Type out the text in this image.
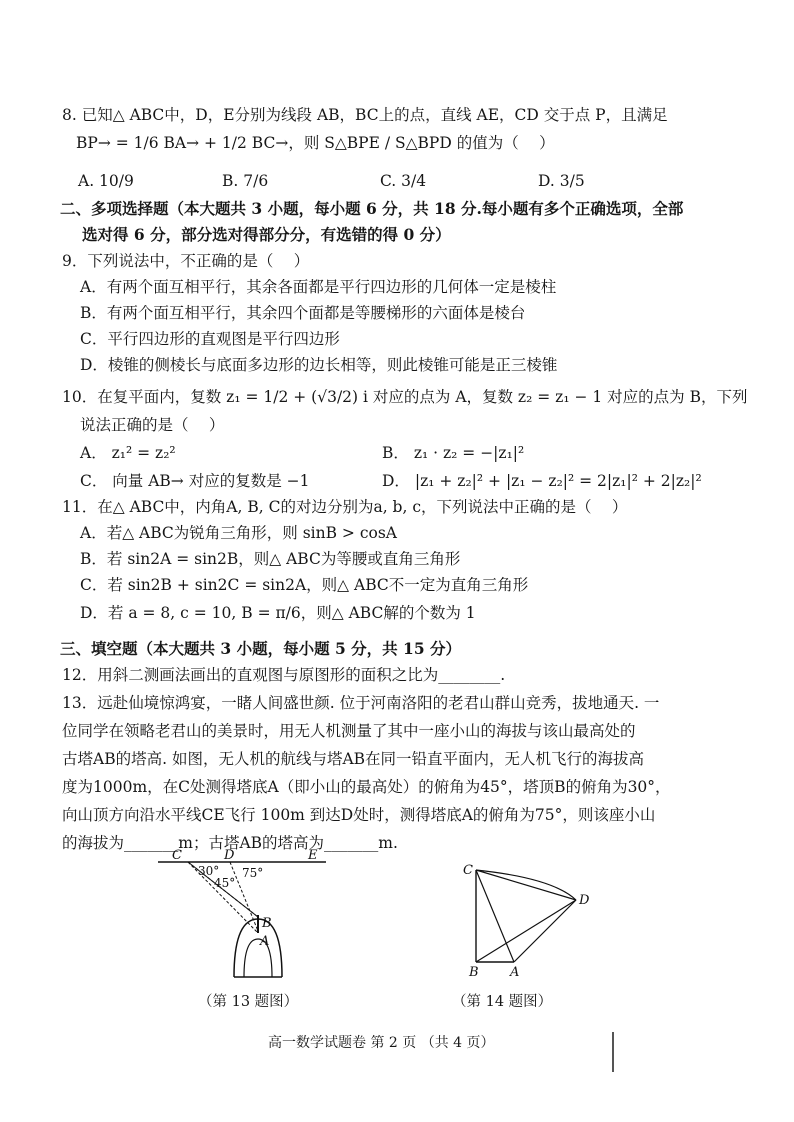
8. 已知△ ABC中，D，E分别为线段 AB，BC上的点，直线 AE，CD 交于点 P，且满足
BP→ = 1/6 BA→ + 1/2 BC→，则 S△BPE / S△BPD 的值为（　 ）
A. 10/9	B. 7/6	C. 3/4	D. 3/5
二、多项选择题（本大题共 3 小题，每小题 6 分，共 18 分.每小题有多个正确选项，全部
选对得 6 分，部分选对得部分分，有选错的得 0 分）
9．下列说法中，不正确的是（　 ）
A．有两个面互相平行，其余各面都是平行四边形的几何体一定是棱柱
B．有两个面互相平行，其余四个面都是等腰梯形的六面体是棱台
C．平行四边形的直观图是平行四边形
D．棱锥的侧棱长与底面多边形的边长相等，则此棱锥可能是正三棱锥
10．在复平面内，复数 z₁ = 1/2 + (√3/2) i 对应的点为 A，复数 z₂ = z₁ − 1 对应的点为 B，下列
说法正确的是（　 ）
A． z₁² = z₂²	B． z₁ · z₂ = −|z₁|²
C． 向量 AB→ 对应的复数是 −1	D． |z₁ + z₂|² + |z₁ − z₂|² = 2|z₁|² + 2|z₂|²
11．在△ ABC中，内角A, B, C的对边分别为a, b, c，下列说法中正确的是（　 ）
A．若△ ABC为锐角三角形，则 sinB > cosA
B．若 sin2A = sin2B，则△ ABC为等腰或直角三角形
C．若 sin2B + sin2C = sin2A，则△ ABC不一定为直角三角形
D．若 a = 8, c = 10, B = π/6，则△ ABC解的个数为 1
三、填空题（本大题共 3 小题，每小题 5 分，共 15 分）
12．用斜二测画法画出的直观图与原图形的面积之比为________.
13．远赴仙境惊鸿宴，一睹人间盛世颜. 位于河南洛阳的老君山群山竞秀，拔地通天. 一
位同学在领略老君山的美景时，用无人机测量了其中一座小山的海拔与该山最高处的
古塔AB的塔高. 如图，无人机的航线与塔AB在同一铅直平面内，无人机飞行的海拔高
度为1000m，在C处测得塔底A（即小山的最高处）的俯角为45°，塔顶B的俯角为30°，
向山顶方向沿水平线CE飞行 100m 到达D处时，测得塔底A的俯角为75°，则该座小山
的海拔为_______m；古塔AB的塔高为_______m.
C	D	E
B
A
30°
45°
75°
（第 13 题图）
C
D
B A
（第 14 题图）
高一数学试题卷 第 2 页 （共 4 页）
